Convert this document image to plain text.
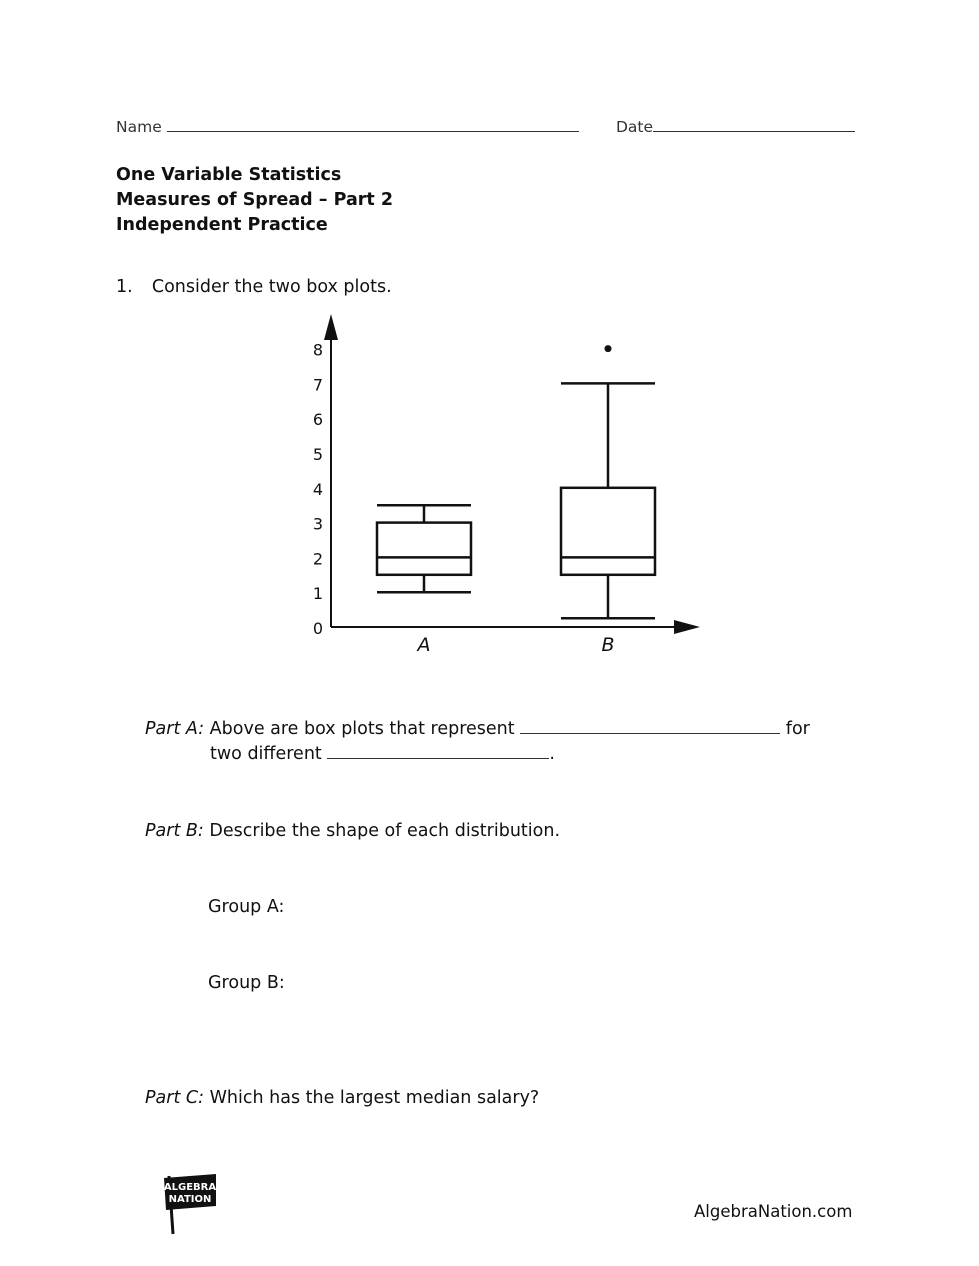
Name	Date
One Variable Statistics
Measures of Spread – Part 2
Independent Practice
1. Consider the two box plots.
0
1
2
3
4
5
6
7
8
A	B
Part A: Above are box plots that represent	for
two different	.
Part B: Describe the shape of each distribution.
Group A:
Group B:
Part C: Which has the largest median salary?
ALGEBRA
NATION
AlgebraNation.com
